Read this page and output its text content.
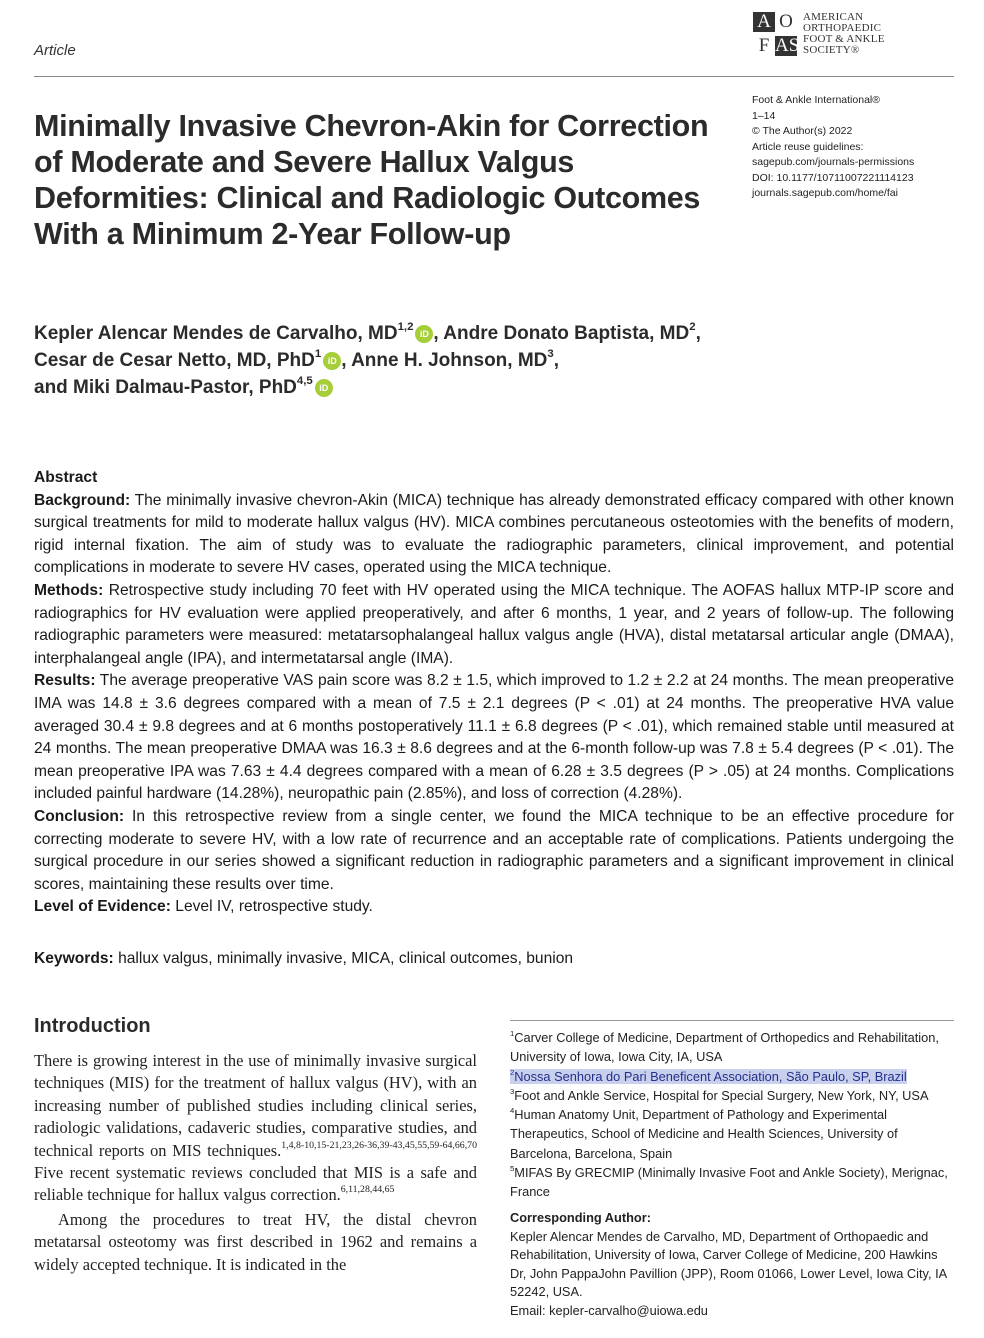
Article
A O
F AS
AMERICAN
ORTHOPAEDIC
FOOT & ANKLE
SOCIETY®
Foot & Ankle International®
1–14
© The Author(s) 2022
Article reuse guidelines:
sagepub.com/journals-permissions
DOI: 10.1177/10711007221114123
journals.sagepub.com/home/fai
Minimally Invasive Chevron-Akin for Correction of Moderate and Severe Hallux Valgus Deformities: Clinical and Radiologic Outcomes With a Minimum 2-Year Follow-up
Kepler Alencar Mendes de Carvalho, MD$^{1,2}$iD , Andre Donato Baptista, $MD^2$,
Cesar de Cesar Netto, MD, PhD$^1$iD , Anne H. Johnson, $MD^3$,
and Miki Dalmau-Pastor, PhD$^{4,5}$iD

Abstract

Background: The minimally invasive chevron-Akin (MICA) technique has already demonstrated efficacy compared with other known surgical treatments for mild to moderate hallux valgus (HV). MICA combines percutaneous osteotomies with the benefits of modern, rigid internal fixation. The aim of study was to evaluate the radiographic parameters, clinical improvement, and potential complications in moderate to severe HV cases, operated using the MICA technique.

Methods: Retrospective study including 70 feet with HV operated using the MICA technique. The AOFAS hallux MTP-IP score and radiographics for HV evaluation were applied preoperatively, and after 6 months, 1 year, and 2 years of follow-up. The following radiographic parameters were measured: metatarsophalangeal hallux valgus angle (HVA), distal metatarsal articular angle (DMAA), interphalangeal angle (IPA), and intermetatarsal angle (IMA).

Results: The average preoperative VAS pain score was 8.2 ± 1.5, which improved to 1.2 ± 2.2 at 24 months. The mean preoperative IMA was 14.8 ± 3.6 degrees compared with a mean of 7.5 ± 2.1 degrees (P < .01) at 24 months. The preoperative HVA value averaged 30.4 ± 9.8 degrees and at 6 months postoperatively 11.1 ± 6.8 degrees (P < .01), which remained stable until measured at 24 months. The mean preoperative DMAA was 16.3 ± 8.6 degrees and at the 6-month follow-up was 7.8 ± 5.4 degrees (P < .01). The mean preoperative IPA was 7.63 ± 4.4 degrees compared with a mean of 6.28 ± 3.5 degrees (P > .05) at 24 months. Complications included painful hardware (14.28%), neuropathic pain (2.85%), and loss of correction (4.28%).

Conclusion: In this retrospective review from a single center, we found the MICA technique to be an effective procedure for correcting moderate to severe HV, with a low rate of recurrence and an acceptable rate of complications. Patients undergoing the surgical procedure in our series showed a significant reduction in radiographic parameters and a significant improvement in clinical scores, maintaining these results over time.

Level of Evidence: Level IV, retrospective study.

Keywords: hallux valgus, minimally invasive, MICA, clinical outcomes, bunion
Introduction

There is growing interest in the use of minimally invasive surgical techniques (MIS) for the treatment of hallux valgus (HV), with an increasing number of published studies including clinical series, radiologic validations, cadaveric studies, comparative studies, and technical reports on MIS techniques.$^{1,4,8-10,15-21,23,26-36,39-43,45,55,59-64,66,70}$ Five recent systematic reviews concluded that MIS is a safe and reliable technique for hallux valgus correction.$^{6,11,28,44,65}$

Among the procedures to treat HV, the distal chevron metatarsal osteotomy was first described in 1962 and remains a widely accepted technique. It is indicated in the

$^1$Carver College of Medicine, Department of Orthopedics and Rehabilitation, University of Iowa, Iowa City, IA, USA

$^2$Nossa Senhora do Pari Beneficent Association, São Paulo, SP, Brazil

$^3$Foot and Ankle Service, Hospital for Special Surgery, New York, NY, USA

$^4$Human Anatomy Unit, Department of Pathology and Experimental Therapeutics, School of Medicine and Health Sciences, University of Barcelona, Barcelona, Spain

$^5$MIFAS By GRECMIP (Minimally Invasive Foot and Ankle Society), Merignac, France

Corresponding Author:
Kepler Alencar Mendes de Carvalho, MD, Department of Orthopaedic and Rehabilitation, University of Iowa, Carver College of Medicine, 200 Hawkins Dr, John PappaJohn Pavillion (JPP), Room 01066, Lower Level, Iowa City, IA 52242, USA.
Email: kepler-carvalho@uiowa.edu
